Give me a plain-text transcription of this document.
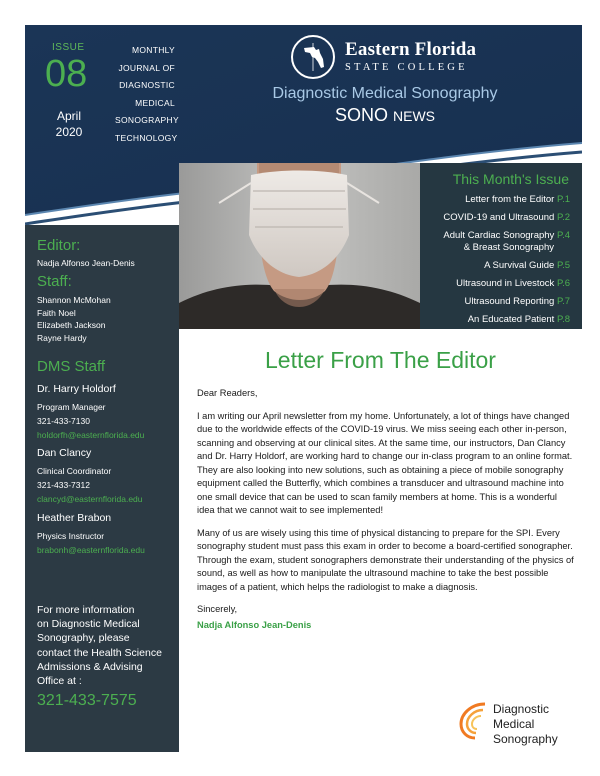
ISSUE
08
April
2020
MONTHLY
JOURNAL OF
DIAGNOSTIC
MEDICAL
SONOGRAPHY
TECHNOLOGY
Eastern Florida
STATE COLLEGE
Diagnostic Medical Sonography
SONO NEWS
Editor:
Nadja Alfonso Jean-Denis
Staff:
Shannon McMohan
Faith Noel
Elizabeth Jackson
Rayne Hardy
DMS Staff
Dr. Harry Holdorf
Program Manager
321-433-7130
holdorfh@easternflorida.edu
Dan Clancy
Clinical Coordinator
321-433-7312
clancyd@easternflorida.edu
Heather Brabon
Physics Instructor
brabonh@easternflorida.edu
For more information
on Diagnostic Medical
Sonography, please
contact the Health Science
Admissions & Advising
Office at :
321-433-7575
This Month's Issue
Letter from the Editor P.1
COVID-19 and Ultrasound P.2
Adult Cardiac Sonography P.4
& Breast Sonography
A Survival Guide P.5
Ultrasound in Livestock P.6
Ultrasound Reporting P.7
An Educated Patient P.8
Letter From The Editor

Dear Readers,

I am writing our April newsletter from my home. Unfortunately, a lot of things have changed due to the worldwide effects of the COVID-19 virus. We miss seeing each other in-person, scanning and observing at our clinical sites. At the same time, our instructors, Dan Clancy and Dr. Harry Holdorf, are working hard to change our in-class program to an online format. They are also looking into new solutions, such as obtaining a piece of mobile sonography equipment called the Butterfly, which combines a transducer and ultrasound machine into one small device that can be used to scan family members at home. This is a wonderful idea that we cannot wait to see implemented!

Many of us are wisely using this time of physical distancing to prepare for the SPI. Every sonography student must pass this exam in order to become a board-certified sonographer. Through the exam, student sonographers demonstrate their understanding of the physics of sound, as well as how to manipulate the ultrasound machine to take the best possible images of a patient, which helps the radiologist to make a diagnosis.

Sincerely,

Nadja Alfonso Jean-Denis

Diagnostic
Medical
Sonography
